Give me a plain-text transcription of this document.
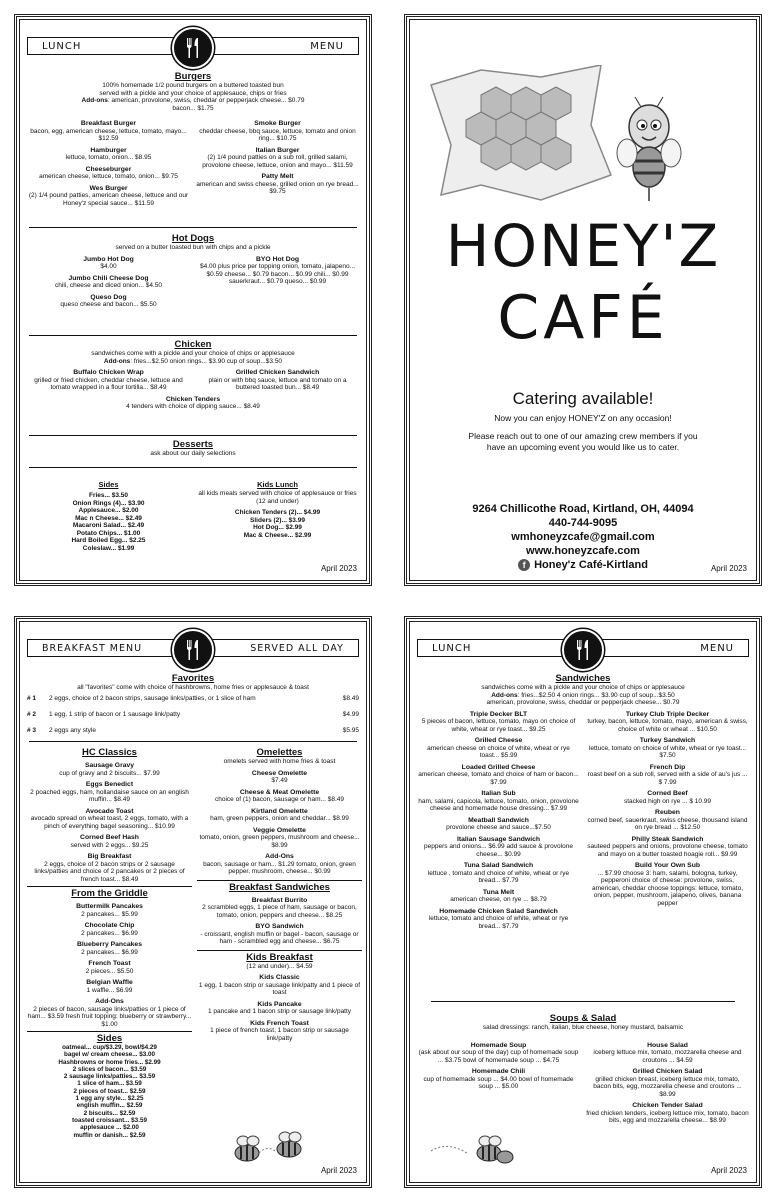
LUNCH	MENU
Burgers
100% homemade 1/2 pound burgers on a buttered toasted bun
served with a pickle and your choice of applesauce, chips or fries
Add-ons: american, provolone, swiss, cheddar or pepperjack cheese... $0.79
bacon... $1.75
Breakfast Burger
bacon, egg, american cheese, lettuce, tomato, mayo... $12.59
Hamburger
lettuce, tomato, onion... $8.95
Cheeseburger
american cheese, lettuce, tomato, onion... $9.75
Wes Burger
(2) 1/4 pound patties, american cheese, lettuce and our Honey'z special sauce... $11.59
Smoke Burger
cheddar cheese, bbq sauce, lettuce, tomato and onion ring... $10.75
Italian Burger
(2) 1/4 pound patties on a sub roll, grilled salami, provolone cheese, lettuce, onion and mayo... $11.59
Patty Melt
american and swiss cheese, grilled onion on rye bread... $9.75
Hot Dogs
served on a butter toasted bun with chips and a pickle
Jumbo Hot Dog
$4.00
Jumbo Chili Cheese Dog
chili, cheese and diced onion... $4.50
Queso Dog
queso cheese and bacon... $5.50
BYO Hot Dog
$4.00 plus price per topping onion, tomato, jalapeno... $0.59 cheese... $0.79 bacon... $0.99 chili... $0.99 sauerkraut... $0.79 queso... $0.99
Chicken
sandwiches come with a pickle and your choice of chips or applesauce
Add-ons: fries...$2.50 onion rings... $3.90 cup of soup...$3.50
Buffalo Chicken Wrap
grilled or fried chicken, cheddar cheese, lettuce and tomato wrapped in a flour tortilla... $8.49
Grilled Chicken Sandwich
plain or with bbq sauce, lettuce and tomato on a buttered toasted bun... $8.49
Chicken Tenders
4 tenders with choice of dipping sauce... $8.49
Desserts
ask about our daily selections
Sides
Fries... $3.50
Onion Rings (4)... $3.90
Applesauce... $2.00
Mac n Cheese... $2.49
Macaroni Salad... $2.49
Potato Chips... $1.00
Hard Boiled Egg... $2.25
Coleslaw... $1.99
Kids Lunch
all kids meals served with choice of applesauce or fries (12 and under)
Chicken Tenders (2)... $4.99
Sliders (2)... $3.99
Hot Dog... $2.99
Mac & Cheese... $2.99
April 2023
HONEY'Z
CAFÉ
Catering available!
Now you can enjoy HONEY'Z on any occasion!
Please reach out to one of our amazing crew members if you have an upcoming event you would like us to cater.
9264 Chillicothe Road, Kirtland, OH, 44094
440-744-9095
wmhoneyzcafe@gmail.com
www.honeyzcafe.com
f Honey'z Café-Kirtland	April 2023
BREAKFAST MENU	SERVED ALL DAY
Favorites
all "favorites" come with choice of hashbrowns, home fries or applesauce & toast
# 1	2 eggs, choice of 2 bacon strips, sausage links/patties, or 1 slice of ham	$8.49
# 2	1 egg, 1 strip of bacon or 1 sausage link/patty	$4.99
# 3	2 eggs any style	$5.95
HC Classics
Sausage Gravy
cup of gravy and 2 biscuits... $7.99
Eggs Benedict
2 poached eggs, ham, hollandaise sauce on an english muffin... $8.49
Avocado Toast
avocado spread on wheat toast, 2 eggs, tomato, with a pinch of everything bagel seasoning... $10.99
Corned Beef Hash
served with 2 eggs... $9.25
Big Breakfast
2 eggs, choice of 2 bacon strips or 2 sausage links/patties and choice of 2 pancakes or 2 pieces of french toast... $8.49
From the Griddle
Buttermilk Pancakes
2 pancakes... $5.99
Chocolate Chip
2 pancakes... $6.99
Blueberry Pancakes
2 pancakes... $6.99
French Toast
2 pieces... $5.50
Belgian Waffle
1 waffle... $6.99
Add-Ons
2 pieces of bacon, sausage links/patties or 1 piece of ham... $3.59 fresh fruit topping: blueberry or strawberry... $1.00
Sides
oatmeal... cup/$3.29, bowl/$4.29
bagel w/ cream cheese... $3.00
Hashbrowns or home fries... $2.99
2 slices of bacon... $3.59
2 sausage links/patties... $3.59
1 slice of ham... $3.59
2 pieces of toast... $2.59
1 egg any style... $2.25
english muffin... $2.59
2 biscuits... $2.59
toasted croissant... $3.59
applesauce ... $2.00
muffin or danish... $2.59
Omelettes
omelets served with home fries & toast
Cheese Omelette
$7.49
Cheese & Meat Omelette
choice of (1) bacon, sausage or ham... $8.49
Kirtland Omelette
ham, green peppers, onion and cheddar... $8.99
Veggie Omelette
tomato, onion, green peppers, mushroom and cheese... $8.99
Add-Ons
bacon, sausage or ham... $1.29 tomato, onion, green pepper, mushroom, cheese... $0.99
Breakfast Sandwiches
Breakfast Burrito
2 scrambled eggs, 1 piece of ham, sausage or bacon, tomato, onion, peppers and cheese... $8.25
BYO Sandwich
- croissant, english muffin or bagel - bacon, sausage or ham - scrambled egg and cheese... $6.75
Kids Breakfast
(12 and under)... $4.59
Kids Classic
1 egg, 1 bacon strip or sausage link/patty and 1 piece of toast
Kids Pancake
1 pancake and 1 bacon strip or sausage link/patty
Kids French Toast
1 piece of french toast, 1 bacon strip or sausage link/patty
April 2023
LUNCH	MENU
Sandwiches
sandwiches come with a pickle and your choice of chips or applesauce
Add-ons: fries...$2.50 4 onion rings... $3.90 cup of soup...$3.50
american, provolone, swiss, cheddar or pepperjack cheese... $0.79
Triple Decker BLT
5 pieces of bacon, lettuce, tomato, mayo on choice of white, wheat or rye toast... $9.25
Grilled Cheese
american cheese on choice of white, wheat or rye toast... $5.99
Loaded Grilled Cheese
american cheese, tomato and choice of ham or bacon... $7.99
Italian Sub
ham, salami, capicola, lettuce, tomato, onion, provolone cheese and homemade house dressing... $7.99
Meatball Sandwich
provolone cheese and sauce...$7.50
Italian Sausage Sandwich
peppers and onions... $6.99 add sauce & provolone cheese... $0.99
Tuna Salad Sandwich
lettuce , tomato and choice of white, wheat or rye bread... $7.79
Tuna Melt
american cheese, on rye ... $8.79
Homemade Chicken Salad Sandwich
lettuce, tomato and choice of white, wheat or rye bread... $7.79
Turkey Club Triple Decker
turkey, bacon, lettuce, tomato, mayo, american & swiss, choice of white or wheat ... $10.50
Turkey Sandwich
lettuce, tomato on choice of white, wheat or rye toast... $7.50
French Dip
roast beef on a sub roll, served with a side of au's jus ... $ 7.99
Corned Beef
stacked high on rye ... $ 10.99
Reuben
corned beef, sauerkraut, swiss cheese, thousand island on rye bread ... $12.50
Philly Steak Sandwich
sauteed peppers and onions, provolone cheese, tomato and mayo on a butter toasted hoagie roll... $9.99
Build Your Own Sub
... $7.99 choose 3: ham, salami, bologna, turkey, pepperoni choice of cheese: provolone, swiss, american, cheddar choose toppings: lettuce, tomato, onion, pepper, mushroom, jalapeno, olives, banana pepper
Soups & Salad
salad dressings: ranch, italian, blue cheese, honey mustard, balsamic
Homemade Soup
(ask about our soup of the day) cup of homemade soup ... $3.75 bowl of homemade soup ... $4.75
Homemade Chili
cup of homemade soup ... $4.00 bowl of homemade soup ... $5.00
House Salad
iceberg lettuce mix, tomato, mozzarella cheese and croutons ... $4.59
Grilled Chicken Salad
grilled chicken breast, iceberg lettuce mix, tomato, bacon bits, egg, mozzarella cheese and croutons ... $8.99
Chicken Tender Salad
fried chicken tenders, iceberg lettuce mix, tomato, bacon bits, egg and mozzarella cheese... $8.99
April 2023
